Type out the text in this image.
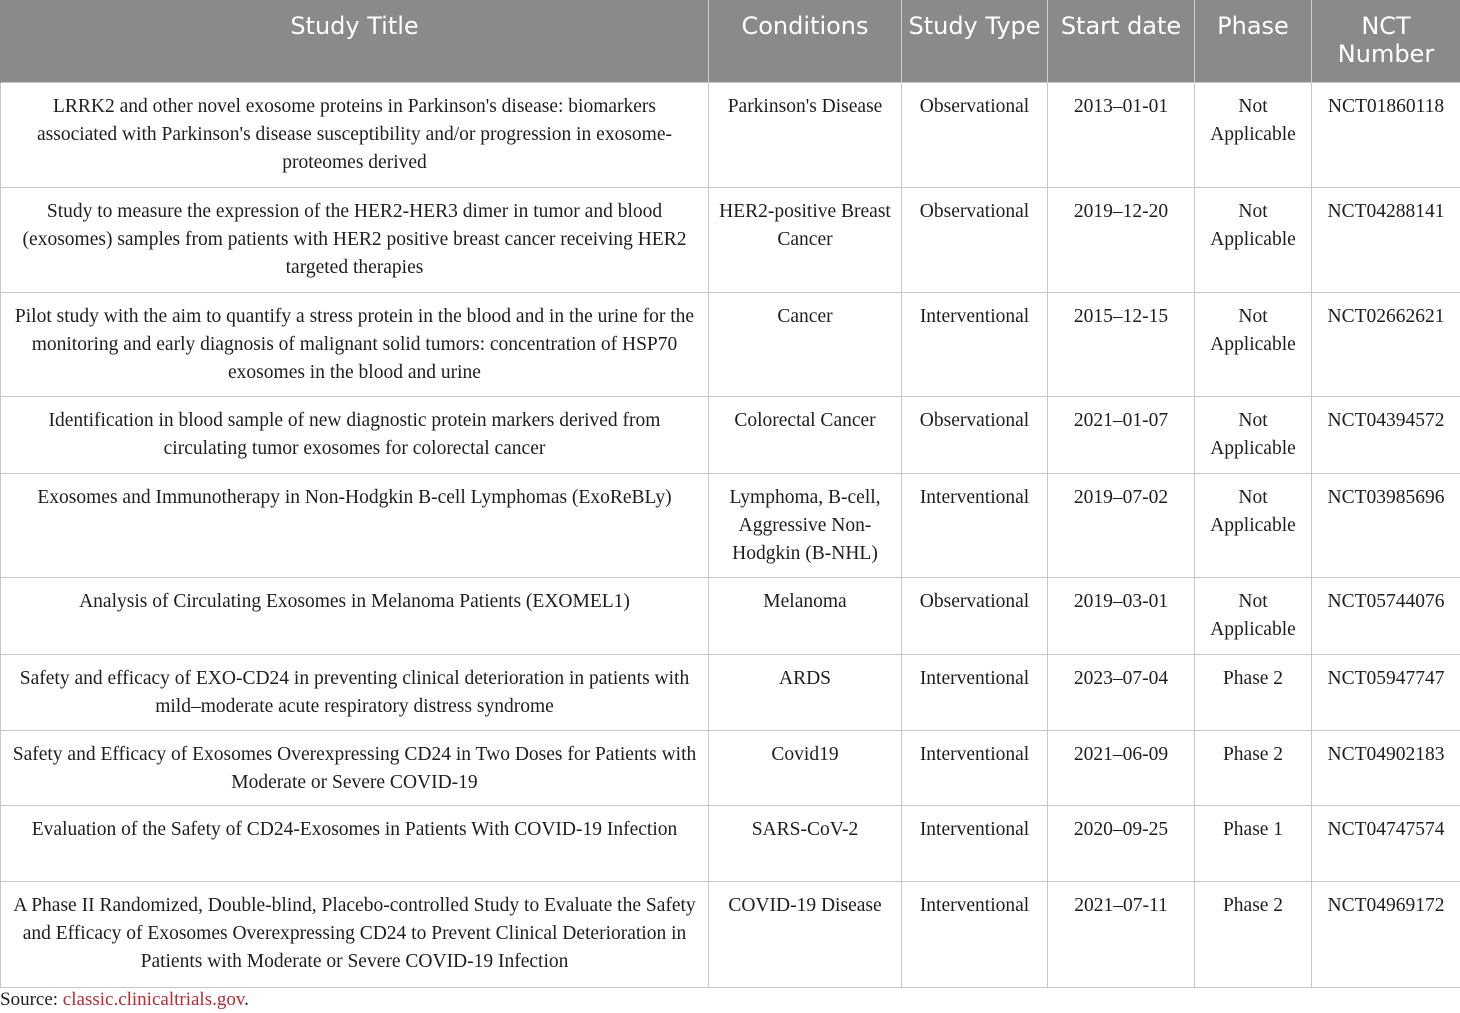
Study Title	Conditions	Study Type	Start date	Phase	NCT Number
LRRK2 and other novel exosome proteins in Parkinson's disease: biomarkers associated with Parkinson's disease susceptibility and/or progression in exosome-proteomes derived	Parkinson's Disease	Observational	2013–01-01	Not Applicable	NCT01860118
Study to measure the expression of the HER2-HER3 dimer in tumor and blood (exosomes) samples from patients with HER2 positive breast cancer receiving HER2 targeted therapies	HER2-positive Breast Cancer	Observational	2019–12-20	Not Applicable	NCT04288141
Pilot study with the aim to quantify a stress protein in the blood and in the urine for the monitoring and early diagnosis of malignant solid tumors: concentration of HSP70 exosomes in the blood and urine	Cancer	Interventional	2015–12-15	Not Applicable	NCT02662621
Identification in blood sample of new diagnostic protein markers derived from circulating tumor exosomes for colorectal cancer	Colorectal Cancer	Observational	2021–01-07	Not Applicable	NCT04394572
Exosomes and Immunotherapy in Non-Hodgkin B-cell Lymphomas (ExoReBLy)	Lymphoma, B-cell, Aggressive Non-Hodgkin (B-NHL)	Interventional	2019–07-02	Not Applicable	NCT03985696
Analysis of Circulating Exosomes in Melanoma Patients (EXOMEL1)	Melanoma	Observational	2019–03-01	Not Applicable	NCT05744076
Safety and efficacy of EXO-CD24 in preventing clinical deterioration in patients with mild–moderate acute respiratory distress syndrome	ARDS	Interventional	2023–07-04	Phase 2	NCT05947747
Safety and Efficacy of Exosomes Overexpressing CD24 in Two Doses for Patients with Moderate or Severe COVID-19	Covid19	Interventional	2021–06-09	Phase 2	NCT04902183
Evaluation of the Safety of CD24-Exosomes in Patients With COVID-19 Infection	SARS-CoV-2	Interventional	2020–09-25	Phase 1	NCT04747574
A Phase II Randomized, Double-blind, Placebo-controlled Study to Evaluate the Safety and Efficacy of Exosomes Overexpressing CD24 to Prevent Clinical Deterioration in Patients with Moderate or Severe COVID-19 Infection	COVID-19 Disease	Interventional	2021–07-11	Phase 2	NCT04969172
Source: classic.clinicaltrials.gov.
